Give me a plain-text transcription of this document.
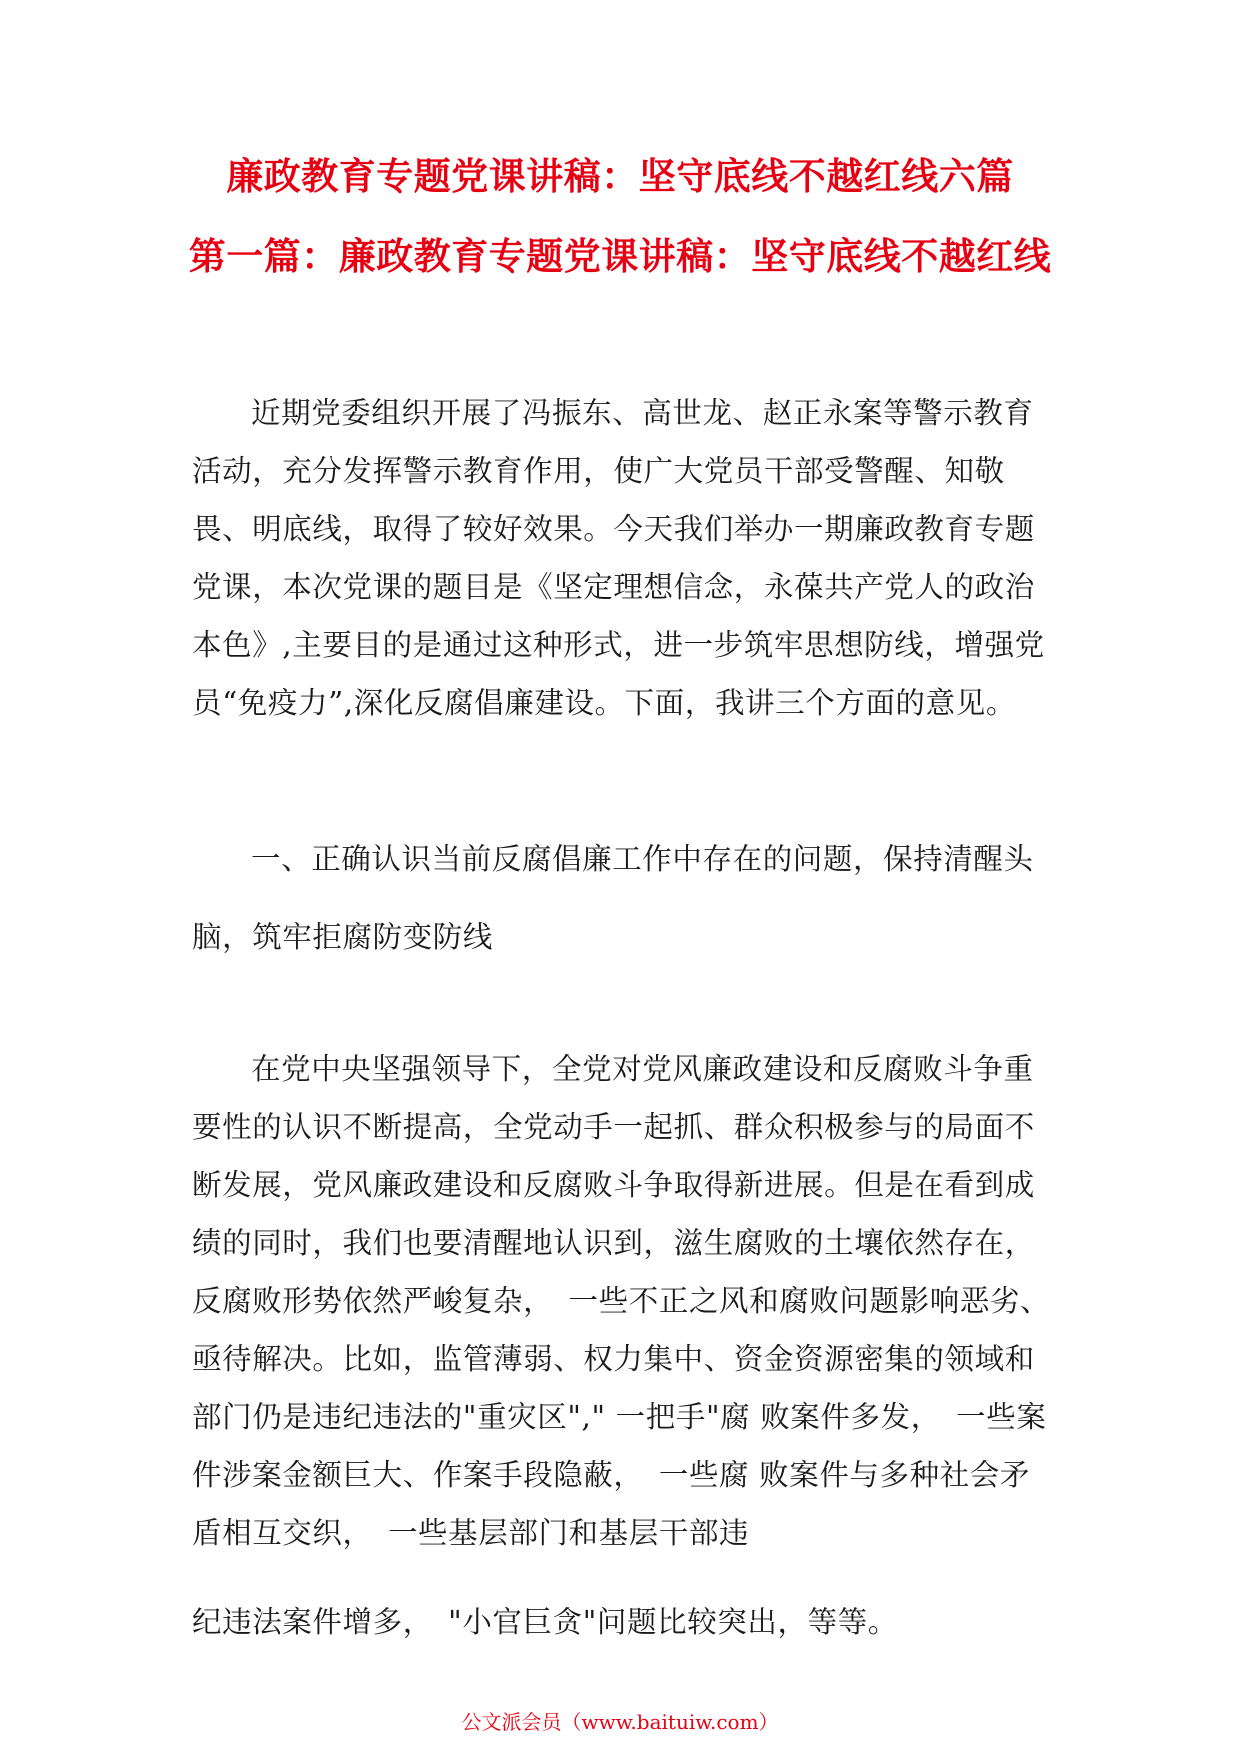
廉政教育专题党课讲稿：坚守底线不越红线六篇
第一篇：廉政教育专题党课讲稿：坚守底线不越红线

近期党委组织开展了冯振东、高世龙、赵正永案等警示教育活动，充分发挥警示教育作用，使广大党员干部受警醒、知敬畏、明底线，取得了较好效果。今天我们举办一期廉政教育专题党课，本次党课的题目是《坚定理想信念，永葆共产党人的政治本色》,主要目的是通过这种形式，进一步筑牢思想防线，增强党员“免疫力”,深化反腐倡廉建设。下面，我讲三个方面的意见。

一、正确认识当前反腐倡廉工作中存在的问题，保持清醒头脑，筑牢拒腐防变防线

在党中央坚强领导下，全党对党风廉政建设和反腐败斗争重要性的认识不断提高，全党动手一起抓、群众积极参与的局面不断发展，党风廉政建设和反腐败斗争取得新进展。但是在看到成绩的同时，我们也要清醒地认识到，滋生腐败的土壤依然存在，反腐败形势依然严峻复杂，　一些不正之风和腐败问题影响恶劣、亟待解决。比如，监管薄弱、权力集中、资金资源密集的领域和部门仍是违纪违法的"重灾区"," 一把手"腐 败案件多发，　一些案件涉案金额巨大、作案手段隐蔽，　一些腐 败案件与多种社会矛盾相互交织，　一些基层部门和基层干部违

纪违法案件增多，　"小官巨贪"问题比较突出，等等。

公文派会员（www.baituiw.com）
